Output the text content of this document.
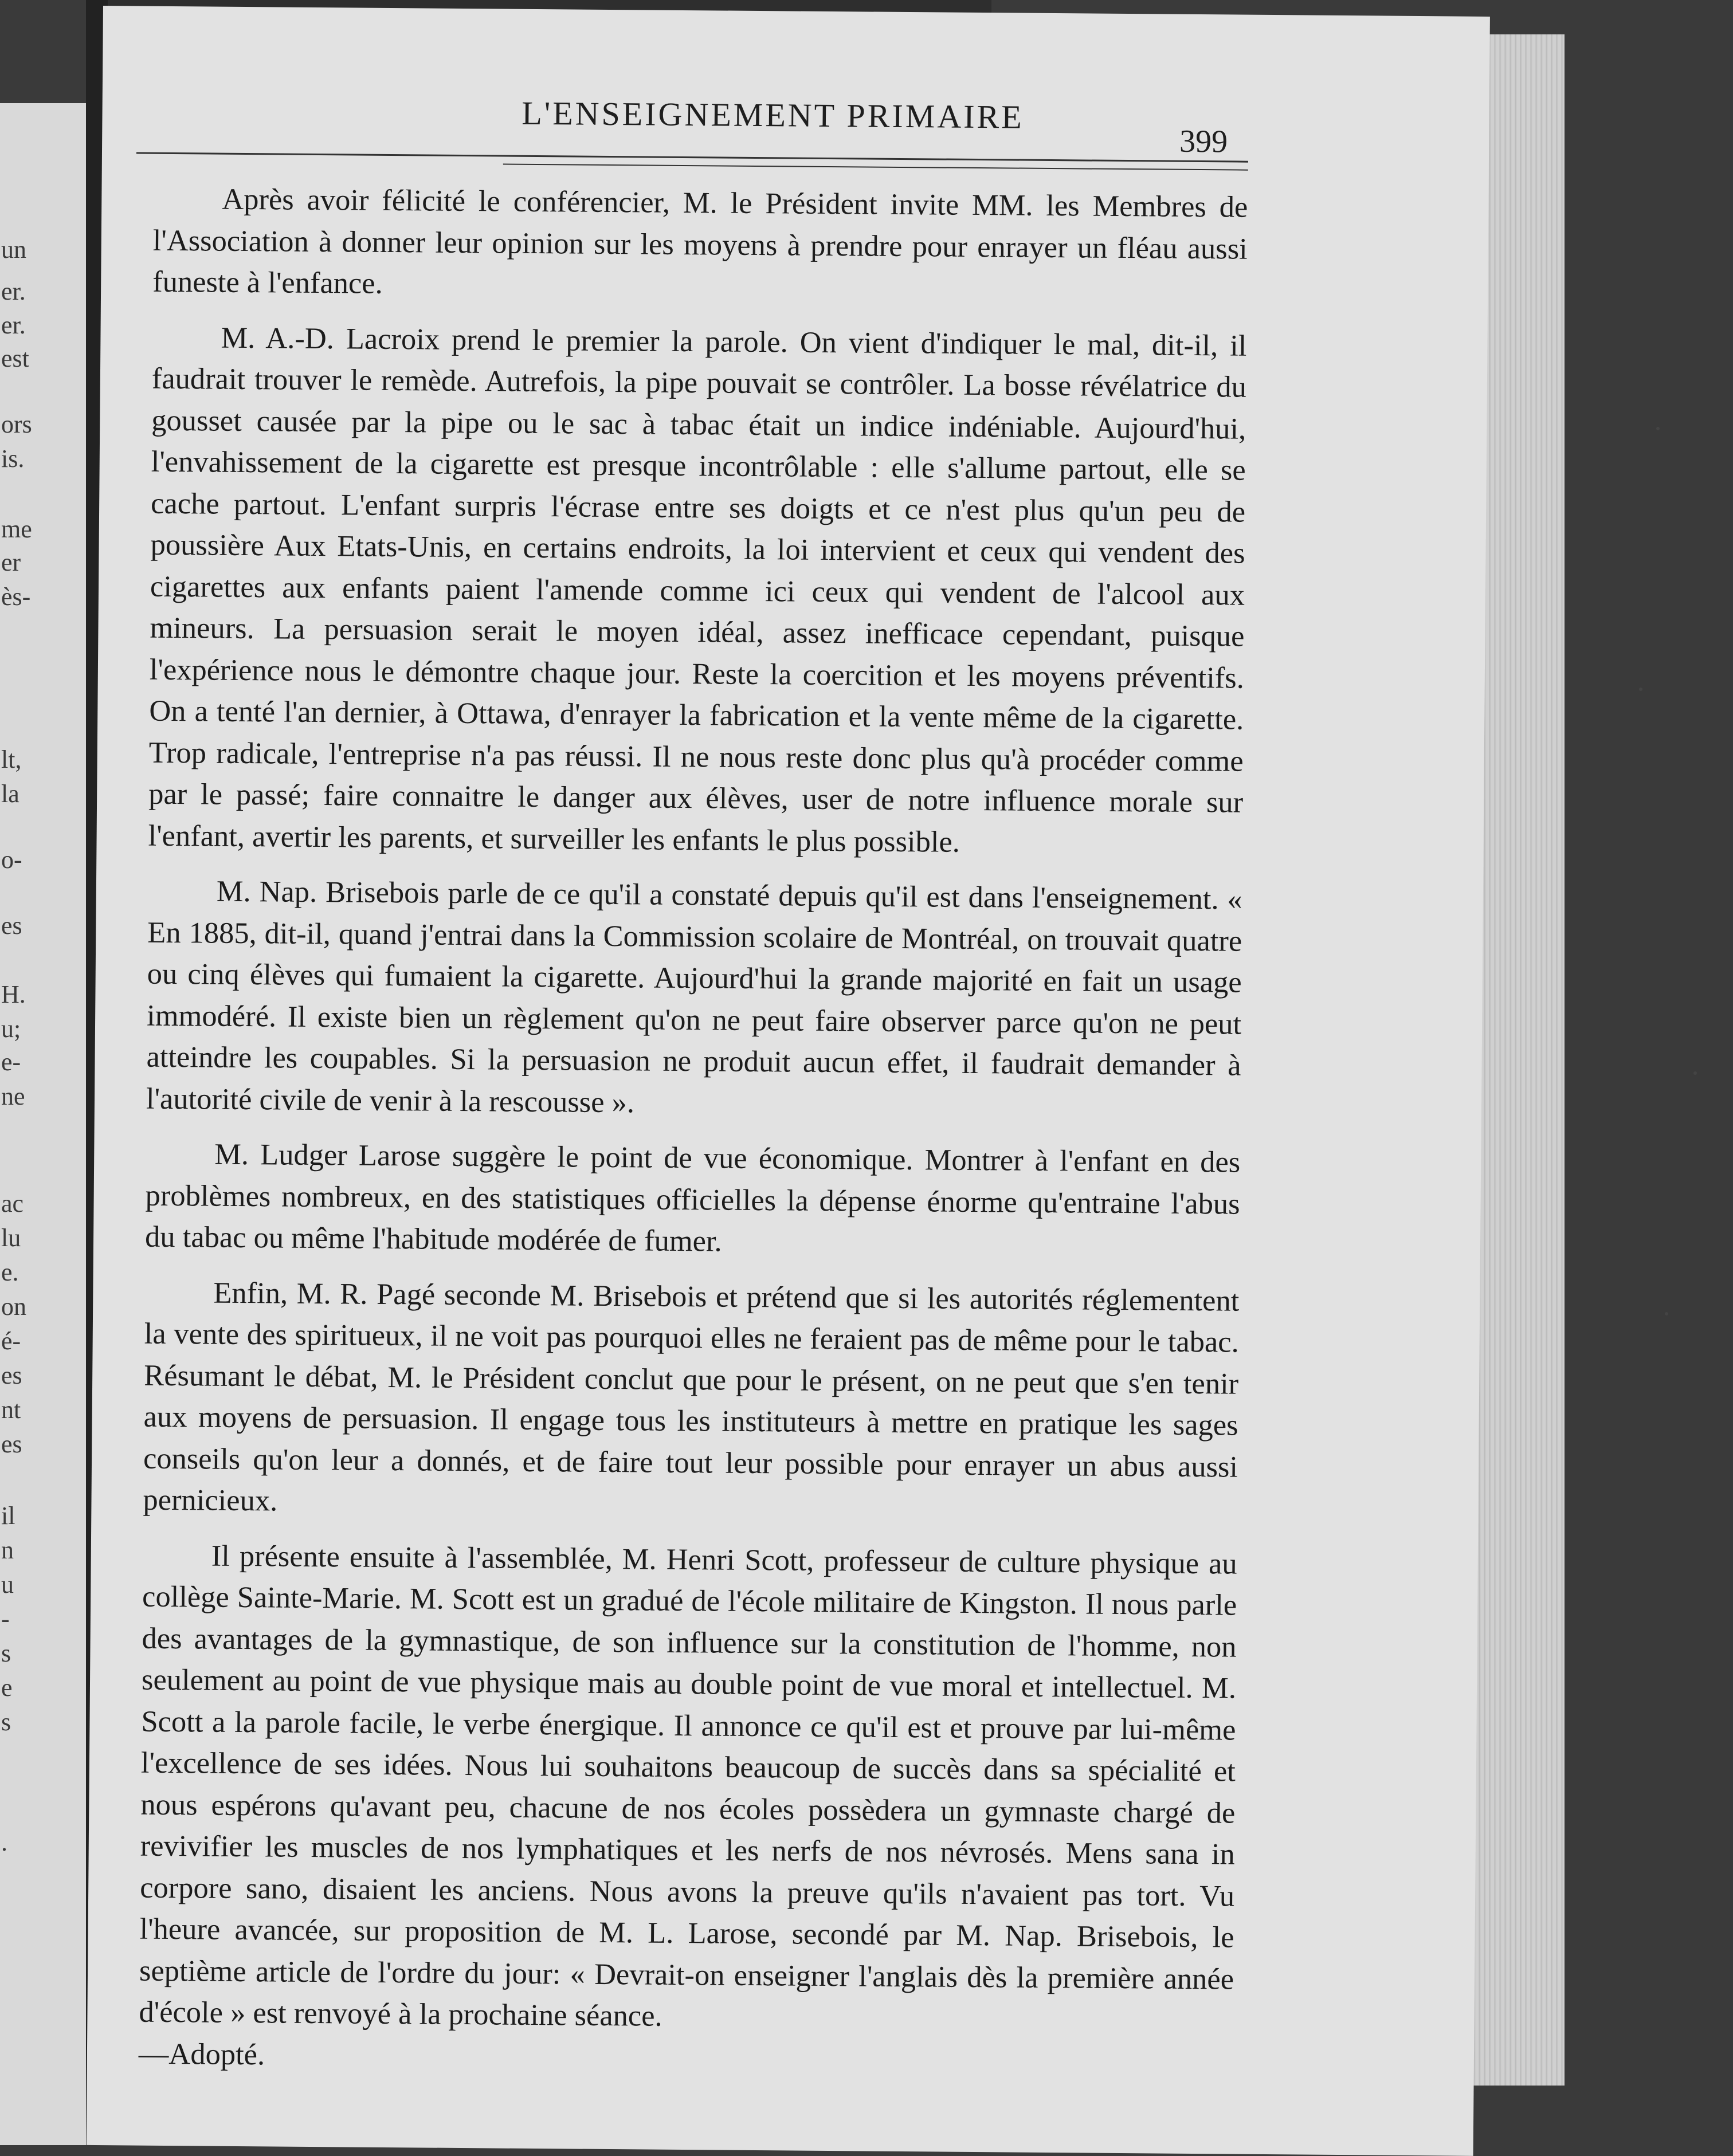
un
er.
er.
est
ors
is.
me
er
ès-
lt,
la
o-
es
H.
u;
e-
ne
ac
lu
e.
on
é-
es
nt
es
il
n
u
-
s
e
s
.
L'ENSEIGNEMENT PRIMAIRE
399

Après avoir félicité le conférencier, M. le Président invite MM. les Membres de l'Association à donner leur opinion sur les moyens à prendre pour enrayer un fléau aussi funeste à l'enfance.

M. A.-D. Lacroix prend le premier la parole. On vient d'indiquer le mal, dit-il, il faudrait trouver le remède. Autrefois, la pipe pouvait se contrôler. La bosse révélatrice du gousset causée par la pipe ou le sac à tabac était un indice indéniable. Aujourd'hui, l'envahissement de la cigarette est presque incontrôlable : elle s'allume partout, elle se cache partout. L'enfant surpris l'écrase entre ses doigts et ce n'est plus qu'un peu de poussière Aux Etats-Unis, en certains endroits, la loi intervient et ceux qui vendent des cigarettes aux enfants paient l'amende comme ici ceux qui vendent de l'alcool aux mineurs. La persuasion serait le moyen idéal, assez inefficace cependant, puisque l'expérience nous le démontre chaque jour. Reste la coercition et les moyens préventifs. On a tenté l'an dernier, à Ottawa, d'enrayer la fabrication et la vente même de la cigarette. Trop radicale, l'entreprise n'a pas réussi. Il ne nous reste donc plus qu'à procéder comme par le passé; faire connaitre le danger aux élèves, user de notre influence morale sur l'enfant, avertir les parents, et surveiller les enfants le plus possible.

M. Nap. Brisebois parle de ce qu'il a constaté depuis qu'il est dans l'enseignement. « En 1885, dit-il, quand j'entrai dans la Commission scolaire de Montréal, on trouvait quatre ou cinq élèves qui fumaient la cigarette. Aujourd'hui la grande majorité en fait un usage immodéré. Il existe bien un règlement qu'on ne peut faire observer parce qu'on ne peut atteindre les coupables. Si la persuasion ne produit aucun effet, il faudrait demander à l'autorité civile de venir à la rescousse ».

M. Ludger Larose suggère le point de vue économique. Montrer à l'enfant en des problèmes nombreux, en des statistiques officielles la dépense énorme qu'entraine l'abus du tabac ou même l'habitude modérée de fumer.

Enfin, M. R. Pagé seconde M. Brisebois et prétend que si les autorités réglementent la vente des spiritueux, il ne voit pas pourquoi elles ne feraient pas de même pour le tabac. Résumant le débat, M. le Président conclut que pour le présent, on ne peut que s'en tenir aux moyens de persuasion. Il engage tous les instituteurs à mettre en pratique les sages conseils qu'on leur a donnés, et de faire tout leur possible pour enrayer un abus aussi pernicieux.

Il présente ensuite à l'assemblée, M. Henri Scott, professeur de culture physique au collège Sainte-Marie. M. Scott est un gradué de l'école militaire de Kingston. Il nous parle des avantages de la gymnastique, de son influence sur la constitution de l'homme, non seulement au point de vue physique mais au double point de vue moral et intellectuel. M. Scott a la parole facile, le verbe énergique. Il annonce ce qu'il est et prouve par lui-même l'excellence de ses idées. Nous lui souhaitons beaucoup de succès dans sa spécialité et nous espérons qu'avant peu, chacune de nos écoles possèdera un gymnaste chargé de revivifier les muscles de nos lymphatiques et les nerfs de nos névrosés. Mens sana in corpore sano, disaient les anciens. Nous avons la preuve qu'ils n'avaient pas tort. Vu l'heure avancée, sur proposition de M. L. Larose, secondé par M. Nap. Brisebois, le septième article de l'ordre du jour: « Devrait-on enseigner l'anglais dès la première année d'école » est renvoyé à la prochaine séance.

—Adopté.
